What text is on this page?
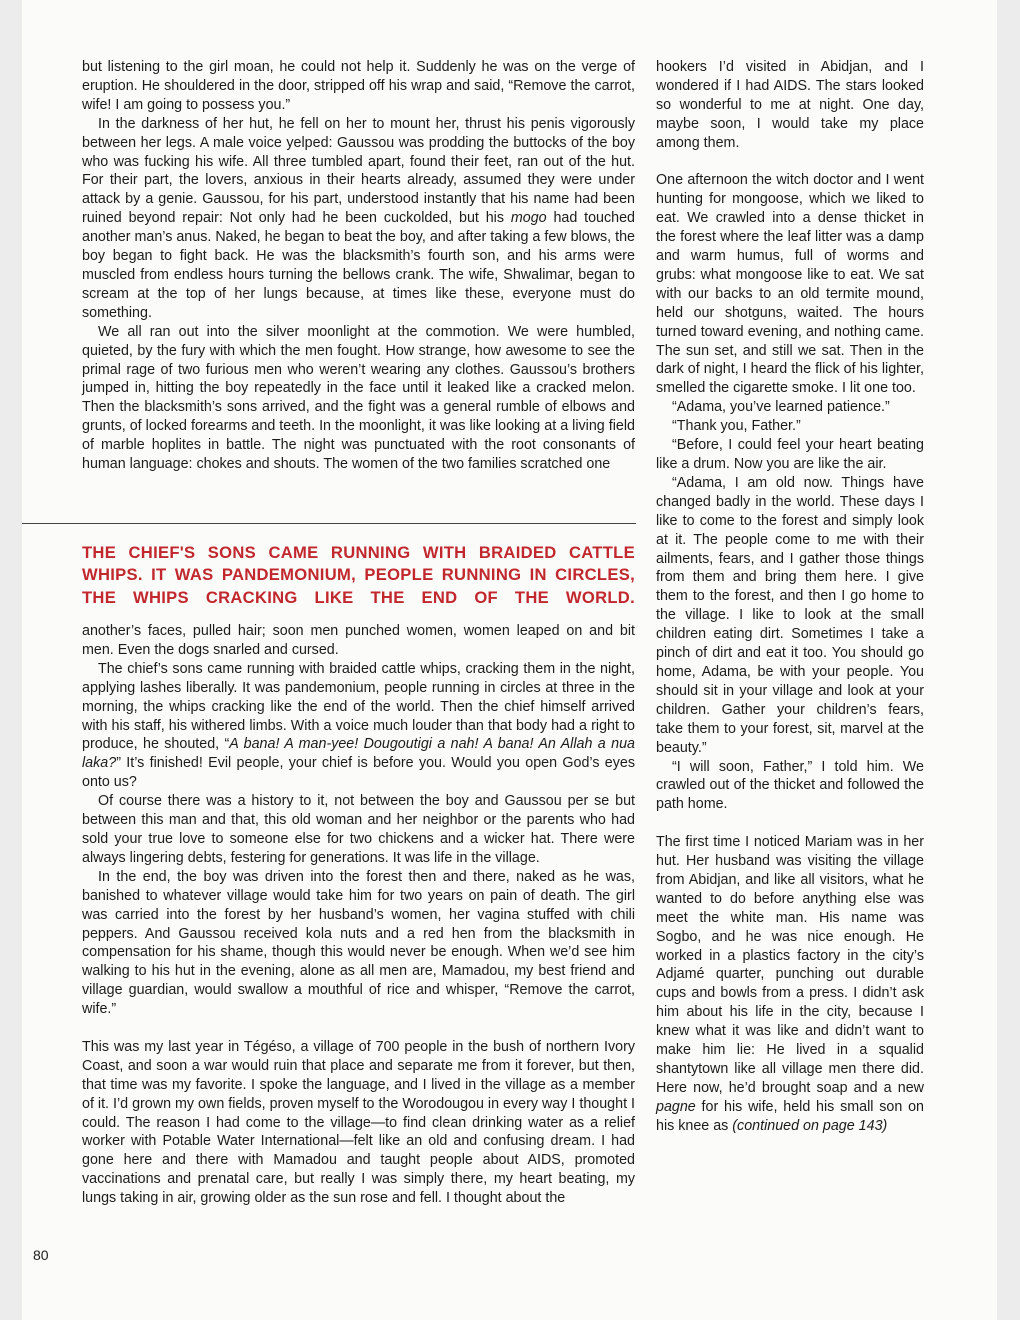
but listening to the girl moan, he could not help it. Suddenly he was on the verge of eruption. He shouldered in the door, stripped off his wrap and said, “Remove the carrot, wife! I am going to possess you.”

In the darkness of her hut, he fell on her to mount her, thrust his penis vigorously between her legs. A male voice yelped: Gaussou was prodding the buttocks of the boy who was fucking his wife. All three tumbled apart, found their feet, ran out of the hut. For their part, the lovers, anxious in their hearts already, assumed they were under attack by a genie. Gaussou, for his part, understood instantly that his name had been ruined beyond repair: Not only had he been cuckolded, but his mogo had touched another man’s anus. Naked, he began to beat the boy, and after taking a few blows, the boy began to fight back. He was the blacksmith’s fourth son, and his arms were muscled from endless hours turning the bellows crank. The wife, Shwalimar, began to scream at the top of her lungs because, at times like these, everyone must do something.

We all ran out into the silver moonlight at the commotion. We were humbled, quieted, by the fury with which the men fought. How strange, how awesome to see the primal rage of two furious men who weren’t wearing any clothes. Gaussou’s brothers jumped in, hitting the boy repeatedly in the face until it leaked like a cracked melon. Then the blacksmith’s sons arrived, and the fight was a general rumble of elbows and grunts, of locked forearms and teeth. In the moonlight, it was like looking at a living field of marble hoplites in battle. The night was punctuated with the root consonants of human language: chokes and shouts. The women of the two families scratched one

THE CHIEF'S SONS CAME RUNNING WITH BRAIDED CATTLE WHIPS. IT WAS PANDEMONIUM, PEOPLE RUNNING IN CIRCLES, THE WHIPS CRACKING LIKE THE END OF THE WORLD.

another’s faces, pulled hair; soon men punched women, women leaped on and bit men. Even the dogs snarled and cursed.

The chief’s sons came running with braided cattle whips, cracking them in the night, applying lashes liberally. It was pandemonium, people running in circles at three in the morning, the whips cracking like the end of the world. Then the chief himself arrived with his staff, his withered limbs. With a voice much louder than that body had a right to produce, he shouted, “A bana! A man-yee! Dougoutigi a nah! A bana! An Allah a nua laka?” It’s finished! Evil people, your chief is before you. Would you open God’s eyes onto us?

Of course there was a history to it, not between the boy and Gaussou per se but between this man and that, this old woman and her neighbor or the parents who had sold your true love to someone else for two chickens and a wicker hat. There were always lingering debts, festering for generations. It was life in the village.

In the end, the boy was driven into the forest then and there, naked as he was, banished to whatever village would take him for two years on pain of death. The girl was carried into the forest by her husband’s women, her vagina stuffed with chili peppers. And Gaussou received kola nuts and a red hen from the blacksmith in compensation for his shame, though this would never be enough. When we’d see him walking to his hut in the evening, alone as all men are, Mamadou, my best friend and village guardian, would swallow a mouthful of rice and whisper, “Remove the carrot, wife.”

This was my last year in Tégéso, a village of 700 people in the bush of northern Ivory Coast, and soon a war would ruin that place and separate me from it forever, but then, that time was my favorite. I spoke the language, and I lived in the village as a member of it. I’d grown my own fields, proven myself to the Worodougou in every way I thought I could. The reason I had come to the village—to find clean drinking water as a relief worker with Potable Water International—felt like an old and confusing dream. I had gone here and there with Mamadou and taught people about AIDS, promoted vaccinations and prenatal care, but really I was simply there, my heart beating, my lungs taking in air, growing older as the sun rose and fell. I thought about the

hookers I’d visited in Abidjan, and I wondered if I had AIDS. The stars looked so wonderful to me at night. One day, maybe soon, I would take my place among them.

One afternoon the witch doctor and I went hunting for mongoose, which we liked to eat. We crawled into a dense thicket in the forest where the leaf litter was a damp and warm humus, full of worms and grubs: what mongoose like to eat. We sat with our backs to an old termite mound, held our shotguns, waited. The hours turned toward evening, and nothing came. The sun set, and still we sat. Then in the dark of night, I heard the flick of his lighter, smelled the cigarette smoke. I lit one too.

“Adama, you’ve learned patience.”

“Thank you, Father.”

“Before, I could feel your heart beating like a drum. Now you are like the air.

“Adama, I am old now. Things have changed badly in the world. These days I like to come to the forest and simply look at it. The people come to me with their ailments, fears, and I gather those things from them and bring them here. I give them to the forest, and then I go home to the village. I like to look at the small children eating dirt. Sometimes I take a pinch of dirt and eat it too. You should go home, Adama, be with your people. You should sit in your village and look at your children. Gather your children’s fears, take them to your forest, sit, marvel at the beauty.”

“I will soon, Father,” I told him. We crawled out of the thicket and followed the path home.

The first time I noticed Mariam was in her hut. Her husband was visiting the village from Abidjan, and like all visitors, what he wanted to do before anything else was meet the white man. His name was Sogbo, and he was nice enough. He worked in a plastics factory in the city’s Adjamé quarter, punching out durable cups and bowls from a press. I didn’t ask him about his life in the city, because I knew what it was like and didn’t want to make him lie: He lived in a squalid shantytown like all village men there did. Here now, he’d brought soap and a new pagne for his wife, held his small son on his knee as (continued on page 143)

80
